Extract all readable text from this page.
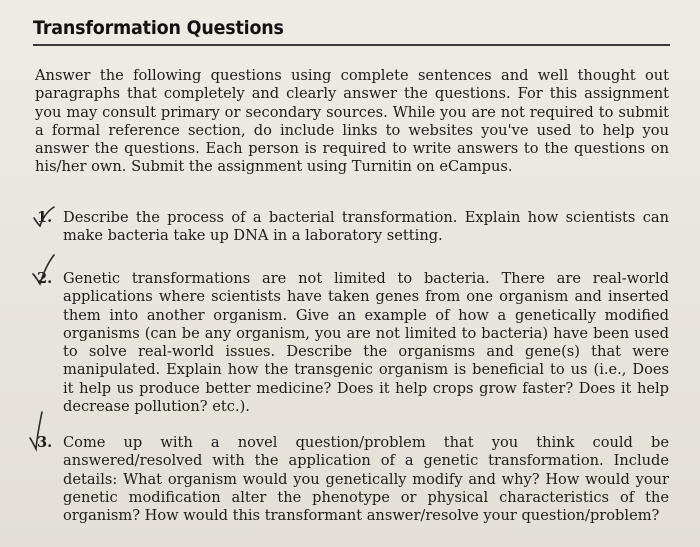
Transformation Questions
Answer the following questions using complete sentences and well thought out paragraphs that completely and clearly answer the questions. For this assignment you may consult primary or secondary sources. While you are not required to submit a formal reference section, do include links to websites you've used to help you answer the questions. Each person is required to write answers to the questions on his/her own. Submit the assignment using Turnitin on eCampus.
1. Describe the process of a bacterial transformation. Explain how scientists can make bacteria take up DNA in a laboratory setting.
2. Genetic transformations are not limited to bacteria. There are real-world applications where scientists have taken genes from one organism and inserted them into another organism. Give an example of how a genetically modified organisms (can be any organism, you are not limited to bacteria) have been used to solve real-world issues. Describe the organisms and gene(s) that were manipulated. Explain how the transgenic organism is beneficial to us (i.e., Does it help us produce better medicine? Does it help crops grow faster? Does it help decrease pollution? etc.).
3. Come up with a novel question/problem that you think could be answered/resolved with the application of a genetic transformation. Include details: What organism would you genetically modify and why? How would your genetic modification alter the phenotype or physical characteristics of the organism? How would this transformant answer/resolve your question/problem?
